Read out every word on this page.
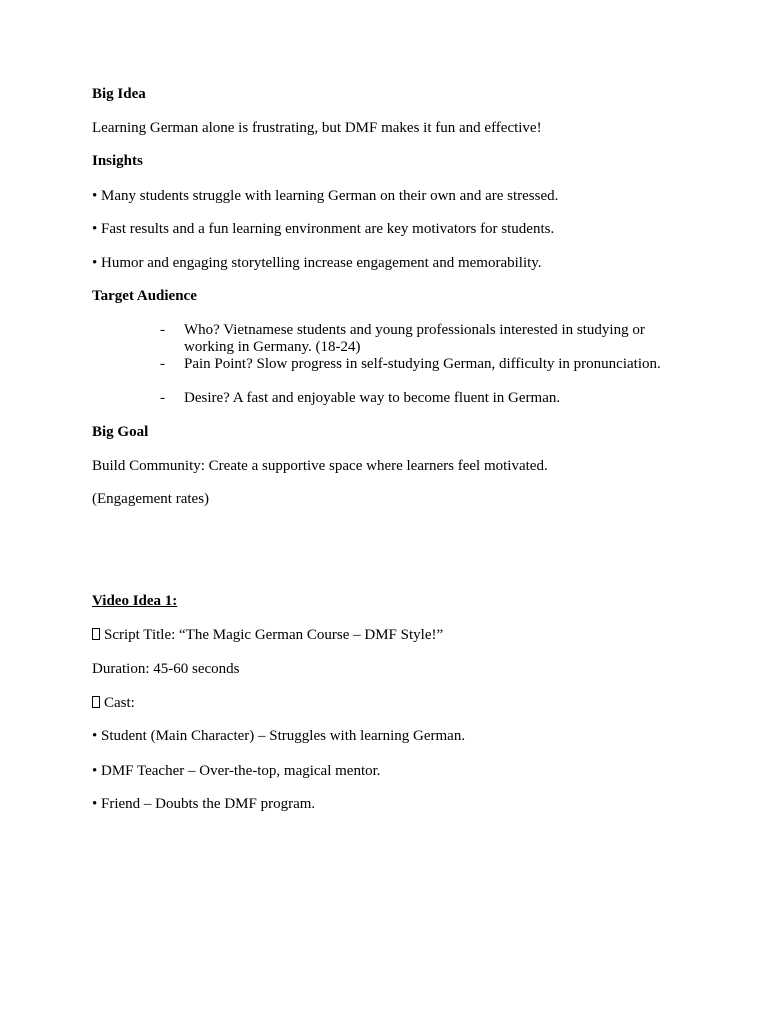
Big Idea
Learning German alone is frustrating, but DMF makes it fun and effective!
Insights
• Many students struggle with learning German on their own and are stressed.
• Fast results and a fun learning environment are key motivators for students.
• Humor and engaging storytelling increase engagement and memorability.
Target Audience
- Who? Vietnamese students and young professionals interested in studying or working in Germany. (18-24)
- Pain Point? Slow progress in self-studying German, difficulty in pronunciation.
- Desire? A fast and enjoyable way to become fluent in German.
Big Goal
Build Community: Create a supportive space where learners feel motivated.
(Engagement rates)
Video Idea 1:
Script Title: “The Magic German Course – DMF Style!”
Duration: 45-60 seconds
Cast:
• Student (Main Character) – Struggles with learning German.
• DMF Teacher – Over-the-top, magical mentor.
• Friend – Doubts the DMF program.
